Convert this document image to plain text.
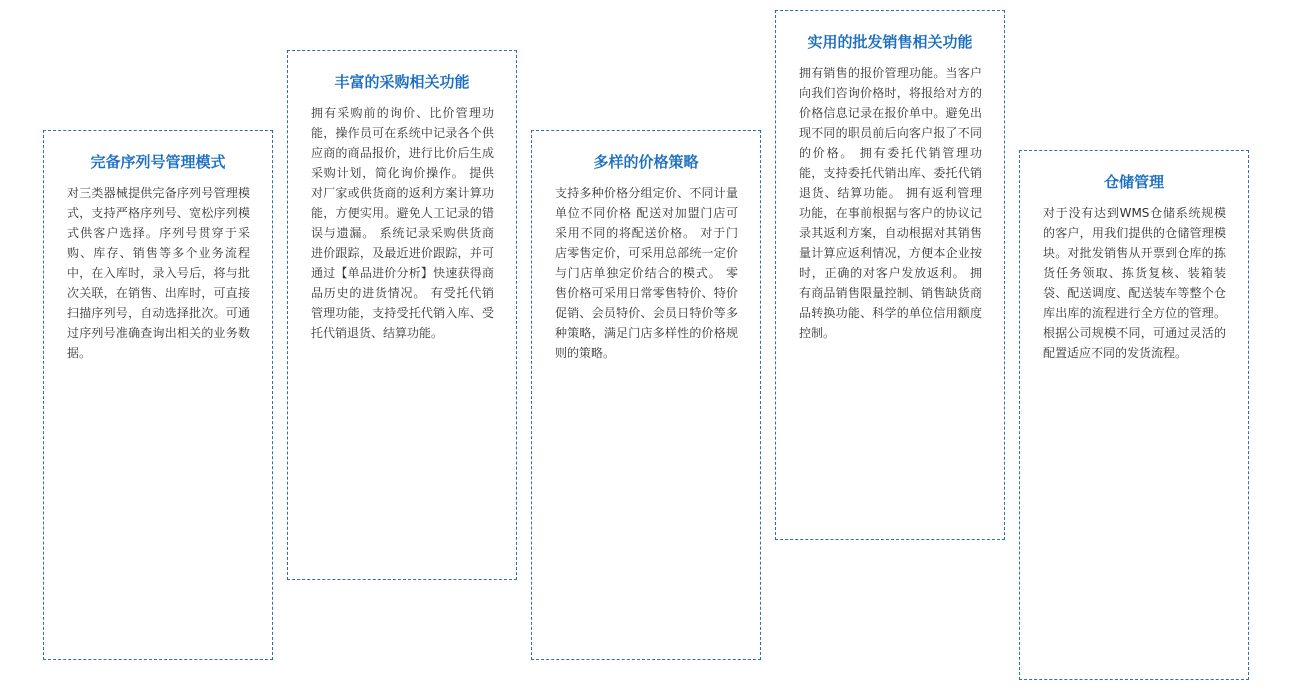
完备序列号管理模式
对三类器械提供完备序列号管理模式，支持严格序列号、宽松序列模式供客户选择。序列号贯穿于采购、库存、销售等多个业务流程中，在入库时，录入号后，将与批次关联，在销售、出库时，可直接扫描序列号，自动选择批次。可通过序列号准确查询出相关的业务数据。
丰富的采购相关功能
拥有采购前的询价、比价管理功能，操作员可在系统中记录各个供应商的商品报价，进行比价后生成采购计划，简化询价操作。 提供对厂家或供货商的返利方案计算功能，方便实用。避免人工记录的错误与遗漏。 系统记录采购供货商进价跟踪，及最近进价跟踪，并可通过【单品进价分析】快速获得商品历史的进货情况。 有受托代销管理功能，支持受托代销入库、受托代销退货、结算功能。
多样的价格策略
支持多种价格分组定价、不同计量单位不同价格 配送对加盟门店可采用不同的将配送价格。 对于门店零售定价，可采用总部统一定价与门店单独定价结合的模式。 零售价格可采用日常零售特价、特价促销、会员特价、会员日特价等多种策略，满足门店多样性的价格规则的策略。
实用的批发销售相关功能
拥有销售的报价管理功能。当客户向我们咨询价格时，将报给对方的价格信息记录在报价单中。避免出现不同的职员前后向客户报了不同的价格。 拥有委托代销管理功能，支持委托代销出库、委托代销退货、结算功能。 拥有返利管理功能，在事前根据与客户的协议记录其返利方案，自动根据对其销售量计算应返利情况，方便本企业按时，正确的对客户发放返利。 拥有商品销售限量控制、销售缺货商品转换功能、科学的单位信用额度控制。
仓储管理
对于没有达到WMS仓储系统规模的客户，用我们提供的仓储管理模块。对批发销售从开票到仓库的拣货任务领取、拣货复核、装箱装袋、配送调度、配送装车等整个仓库出库的流程进行全方位的管理。根据公司规模不同，可通过灵活的配置适应不同的发货流程。
